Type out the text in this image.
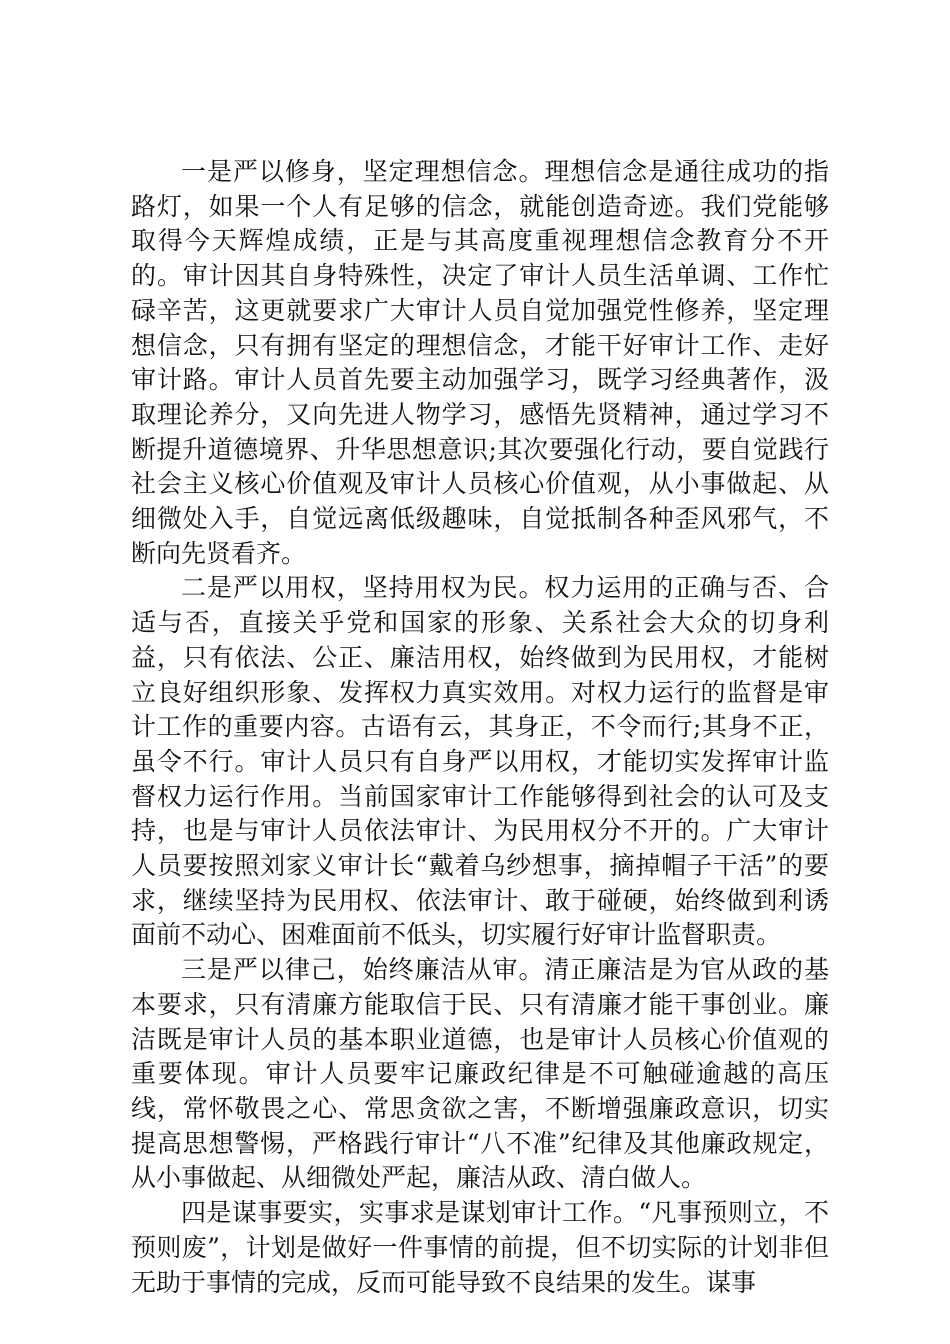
一是严以修身，坚定理想信念。理想信念是通往成功的指路灯，如果一个人有足够的信念，就能创造奇迹。我们党能够取得今天辉煌成绩，正是与其高度重视理想信念教育分不开的。审计因其自身特殊性，决定了审计人员生活单调、工作忙碌辛苦，这更就要求广大审计人员自觉加强党性修养，坚定理想信念，只有拥有坚定的理想信念，才能干好审计工作、走好审计路。审计人员首先要主动加强学习，既学习经典著作，汲取理论养分，又向先进人物学习，感悟先贤精神，通过学习不断提升道德境界、升华思想意识;其次要强化行动，要自觉践行社会主义核心价值观及审计人员核心价值观，从小事做起、从细微处入手，自觉远离低级趣味，自觉抵制各种歪风邪气，不断向先贤看齐。

二是严以用权，坚持用权为民。权力运用的正确与否、合适与否，直接关乎党和国家的形象、关系社会大众的切身利益，只有依法、公正、廉洁用权，始终做到为民用权，才能树立良好组织形象、发挥权力真实效用。对权力运行的监督是审计工作的重要内容。古语有云，其身正，不令而行;其身不正，虽令不行。审计人员只有自身严以用权，才能切实发挥审计监督权力运行作用。当前国家审计工作能够得到社会的认可及支持，也是与审计人员依法审计、为民用权分不开的。广大审计人员要按照刘家义审计长“戴着乌纱想事，摘掉帽子干活”的要求，继续坚持为民用权、依法审计、敢于碰硬，始终做到利诱面前不动心、困难面前不低头，切实履行好审计监督职责。

三是严以律己，始终廉洁从审。清正廉洁是为官从政的基本要求，只有清廉方能取信于民、只有清廉才能干事创业。廉洁既是审计人员的基本职业道德，也是审计人员核心价值观的重要体现。审计人员要牢记廉政纪律是不可触碰逾越的高压线，常怀敬畏之心、常思贪欲之害，不断增强廉政意识，切实提高思想警惕，严格践行审计“八不准”纪律及其他廉政规定，从小事做起、从细微处严起，廉洁从政、清白做人。

四是谋事要实，实事求是谋划审计工作。“凡事预则立，不预则废”，计划是做好一件事情的前提，但不切实际的计划非但无助于事情的完成，反而可能导致不良结果的发生。谋事
